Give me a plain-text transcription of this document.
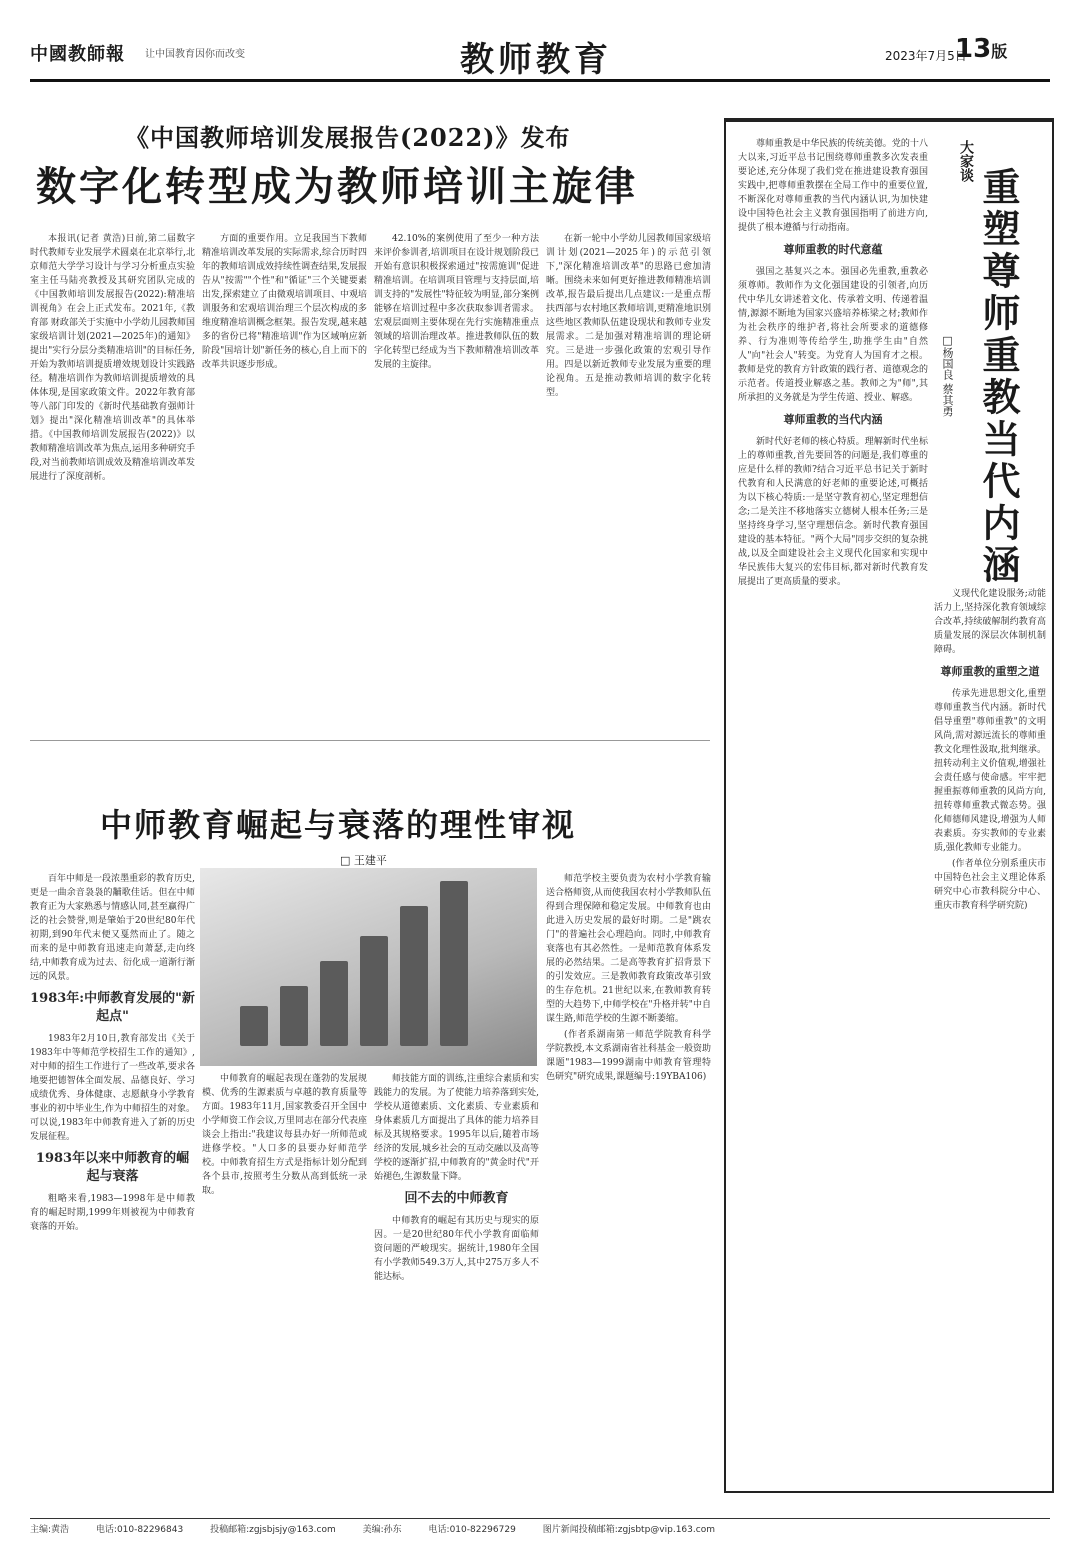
中國教師報 让中国教育因你而改变	教师教育	2023年7月5日
13版
《中国教师培训发展报告(2022)》发布
数字化转型成为教师培训主旋律

本报讯(记者 黄浩)日前,第二届数字时代教师专业发展学术圆桌在北京举行,北京师范大学学习设计与学习分析重点实验室主任马陆亮教授及其研究团队完成的《中国教师培训发展报告(2022):精准培训视角》在会上正式发布。2021年,《教育部 财政部关于实施中小学幼儿园教师国家级培训计划(2021—2025年)的通知》提出"实行分层分类精准培训"的目标任务,开始为教师培训提质增效规划设计实践路径。精准培训作为教师培训提质增效的具体体现,是国家政策文件。2022年教育部等八部门印发的《新时代基础教育强师计划》提出"深化精准培训改革"的具体举措。《中国教师培训发展报告(2022)》以教师精准培训改革为焦点,运用多种研究手段,对当前教师培训成效及精准培训改革发展进行了深度剖析。

方面的重要作用。立足我国当下教师精准培训改革发展的实际需求,综合历时四年的教师培训成效持续性调查结果,发展报告从"按需""个性"和"循证"三个关键要素出发,探索建立了由微观培训项目、中观培训服务和宏观培训治理三个层次构成的多维度精准培训概念框架。报告发现,越来越多的省份已将"精准培训"作为区域响应新阶段"国培计划"新任务的核心,自上而下的改革共识逐步形成。

42.10%的案例使用了至少一种方法来评价参训者,培训项目在设计规划阶段已开始有意识积极探索通过"按需施训"促进精准培训。在培训项目管理与支持层面,培训支持的"发展性"特征较为明显,部分案例能够在培训过程中多次获取参训者需求。宏观层面则主要体现在先行实施精准重点领域的培训治理改革。推进教师队伍的数字化转型已经成为当下教师精准培训改革发展的主旋律。

在新一轮中小学幼儿园教师国家级培训计划(2021—2025年)的示范引领下,"深化精准培训改革"的思路已愈加清晰。围绕未来如何更好推进教师精准培训改革,报告最后提出几点建议:一是重点帮扶西部与农村地区教师培训,更精准地识别这些地区教师队伍建设现状和教师专业发展需求。二是加强对精准培训的理论研究。三是进一步强化政策的宏观引导作用。四是以新近教师专业发展为重要的理论视角。五是推动教师培训的数字化转型。

中师教育崛起与衰落的理性审视
□ 王建平

百年中师是一段浓墨重彩的教育历史,更是一曲余音袅袅的黼歌佳话。但在中师教育正为大家熟悉与情感认同,甚至赢得广泛的社会赞誉,则是肇始于20世纪80年代初期,到90年代末便又戛然而止了。随之而来的是中师教育迅速走向萧瑟,走向终结,中师教育成为过去、衍化成一道渐行渐远的风景。

1983年:中师教育发展的"新起点"

1983年2月10日,教育部发出《关于1983年中等师范学校招生工作的通知》,对中师的招生工作进行了一些改革,要求各地要把德智体全面发展、品德良好、学习成绩优秀、身体健康、志愿献身小学教育事业的初中毕业生,作为中师招生的对象。可以说,1983年中师教育进入了新的历史发展征程。

1983年以来中师教育的崛起与衰落

粗略来看,1983—1998年是中师教育的崛起时期,1999年则被视为中师教育衰落的开始。

中师教育的崛起表现在蓬勃的发展规模、优秀的生源素质与卓越的教育质量等方面。1983年11月,国家教委召开全国中小学师资工作会议,万里同志在部分代表座谈会上指出:"我建议每县办好一所师范或进修学校。"人口多的县要办好师范学校。中师教育招生方式是指标计划分配到各个县市,按照考生分数从高到低统一录取。

师技能方面的训练,注重综合素质和实践能力的发展。为了使能力培养落到实处,学校从道德素质、文化素质、专业素质和身体素质几方面提出了具体的能力培养目标及其规格要求。1995年以后,随着市场经济的发展,城乡社会的互动交融以及高等学校的逐渐扩招,中师教育的"黄金时代"开始褪色,生源数量下降。

回不去的中师教育

中师教育的崛起有其历史与现实的原因。一是20世纪80年代小学教育面临师资问题的严峻现实。据统计,1980年全国有小学教师549.3万人,其中275万多人不能达标。

师范学校主要负责为农村小学教育输送合格师资,从而使我国农村小学教师队伍得到合理保障和稳定发展。中师教育也由此进入历史发展的最好时期。二是"跳农门"的普遍社会心理趋向。同时,中师教育衰落也有其必然性。一是师范教育体系发展的必然结果。二是高等教育扩招背景下的引发效应。三是教师教育政策改革引致的生存危机。21世纪以来,在教师教育转型的大趋势下,中师学校在"升格并转"中自谋生路,师范学校的生源不断萎缩。

(作者系湖南第一师范学院教育科学学院教授,本文系湖南省社科基金一般资助课题"1983—1999湖南中师教育管理特色研究"研究成果,课题编号:19YBA106)

大家谈
重塑尊师重教当代内涵
□杨国良 蔡其勇

尊师重教是中华民族的传统美德。党的十八大以来,习近平总书记围绕尊师重教多次发表重要论述,充分体现了我们党在推进建设教育强国实践中,把尊师重教摆在全局工作中的重要位置,不断深化对尊师重教的当代内涵认识,为加快建设中国特色社会主义教育强国指明了前进方向,提供了根本遵循与行动指南。

尊师重教的时代意蕴

强国之基复兴之本。强国必先重教,重教必须尊师。教师作为文化强国建设的引领者,向历代中华儿女讲述着文化、传承着文明、传递着温情,源源不断地为国家兴盛培养栋梁之材;教师作为社会秩序的维护者,将社会所要求的道德修养、行为准则等传给学生,助推学生由"自然人"向"社会人"转变。为党育人为国育才之根。教师是党的教育方针政策的践行者、道德观念的示范者。传道授业解惑之基。教师之为"师",其所承担的义务就是为学生传道、授业、解惑。

尊师重教的当代内涵

新时代好老师的核心特质。理解新时代坐标上的尊师重教,首先要回答的问题是,我们尊重的应是什么样的教师?结合习近平总书记关于新时代教育和人民满意的好老师的重要论述,可概括为以下核心特质:一是坚守教育初心,坚定理想信念;二是关注不移地落实立德树人根本任务;三是坚持终身学习,坚守理想信念。新时代教育强国建设的基本特征。"两个大局"同步交织的复杂挑战,以及全面建设社会主义现代化国家和实现中华民族伟大复兴的宏伟目标,都对新时代教育发展提出了更高质量的要求。

义现代化建设服务;动能活力上,坚持深化教育领域综合改革,持续破解制约教育高质量发展的深层次体制机制障碍。

尊师重教的重塑之道

传承先进思想文化,重塑尊师重教当代内涵。新时代倡导重塑"尊师重教"的文明风尚,需对源远流长的尊师重教文化理性汲取,批判继承。扭转动利主义价值观,增强社会责任感与使命感。牢牢把握重振尊师重教的风尚方向,扭转尊师重教式微态势。强化师德师风建设,增强为人师表素质。夯实教师的专业素质,强化教师专业能力。

(作者单位分别系重庆市中国特色社会主义理论体系研究中心市教科院分中心、重庆市教育科学研究院)

主编:黄浩	电话:010-82296843	投稿邮箱:zgjsbjsjy@163.com	美编:孙东	电话:010-82296729	图片新闻投稿邮箱:zgjsbtp@vip.163.com
